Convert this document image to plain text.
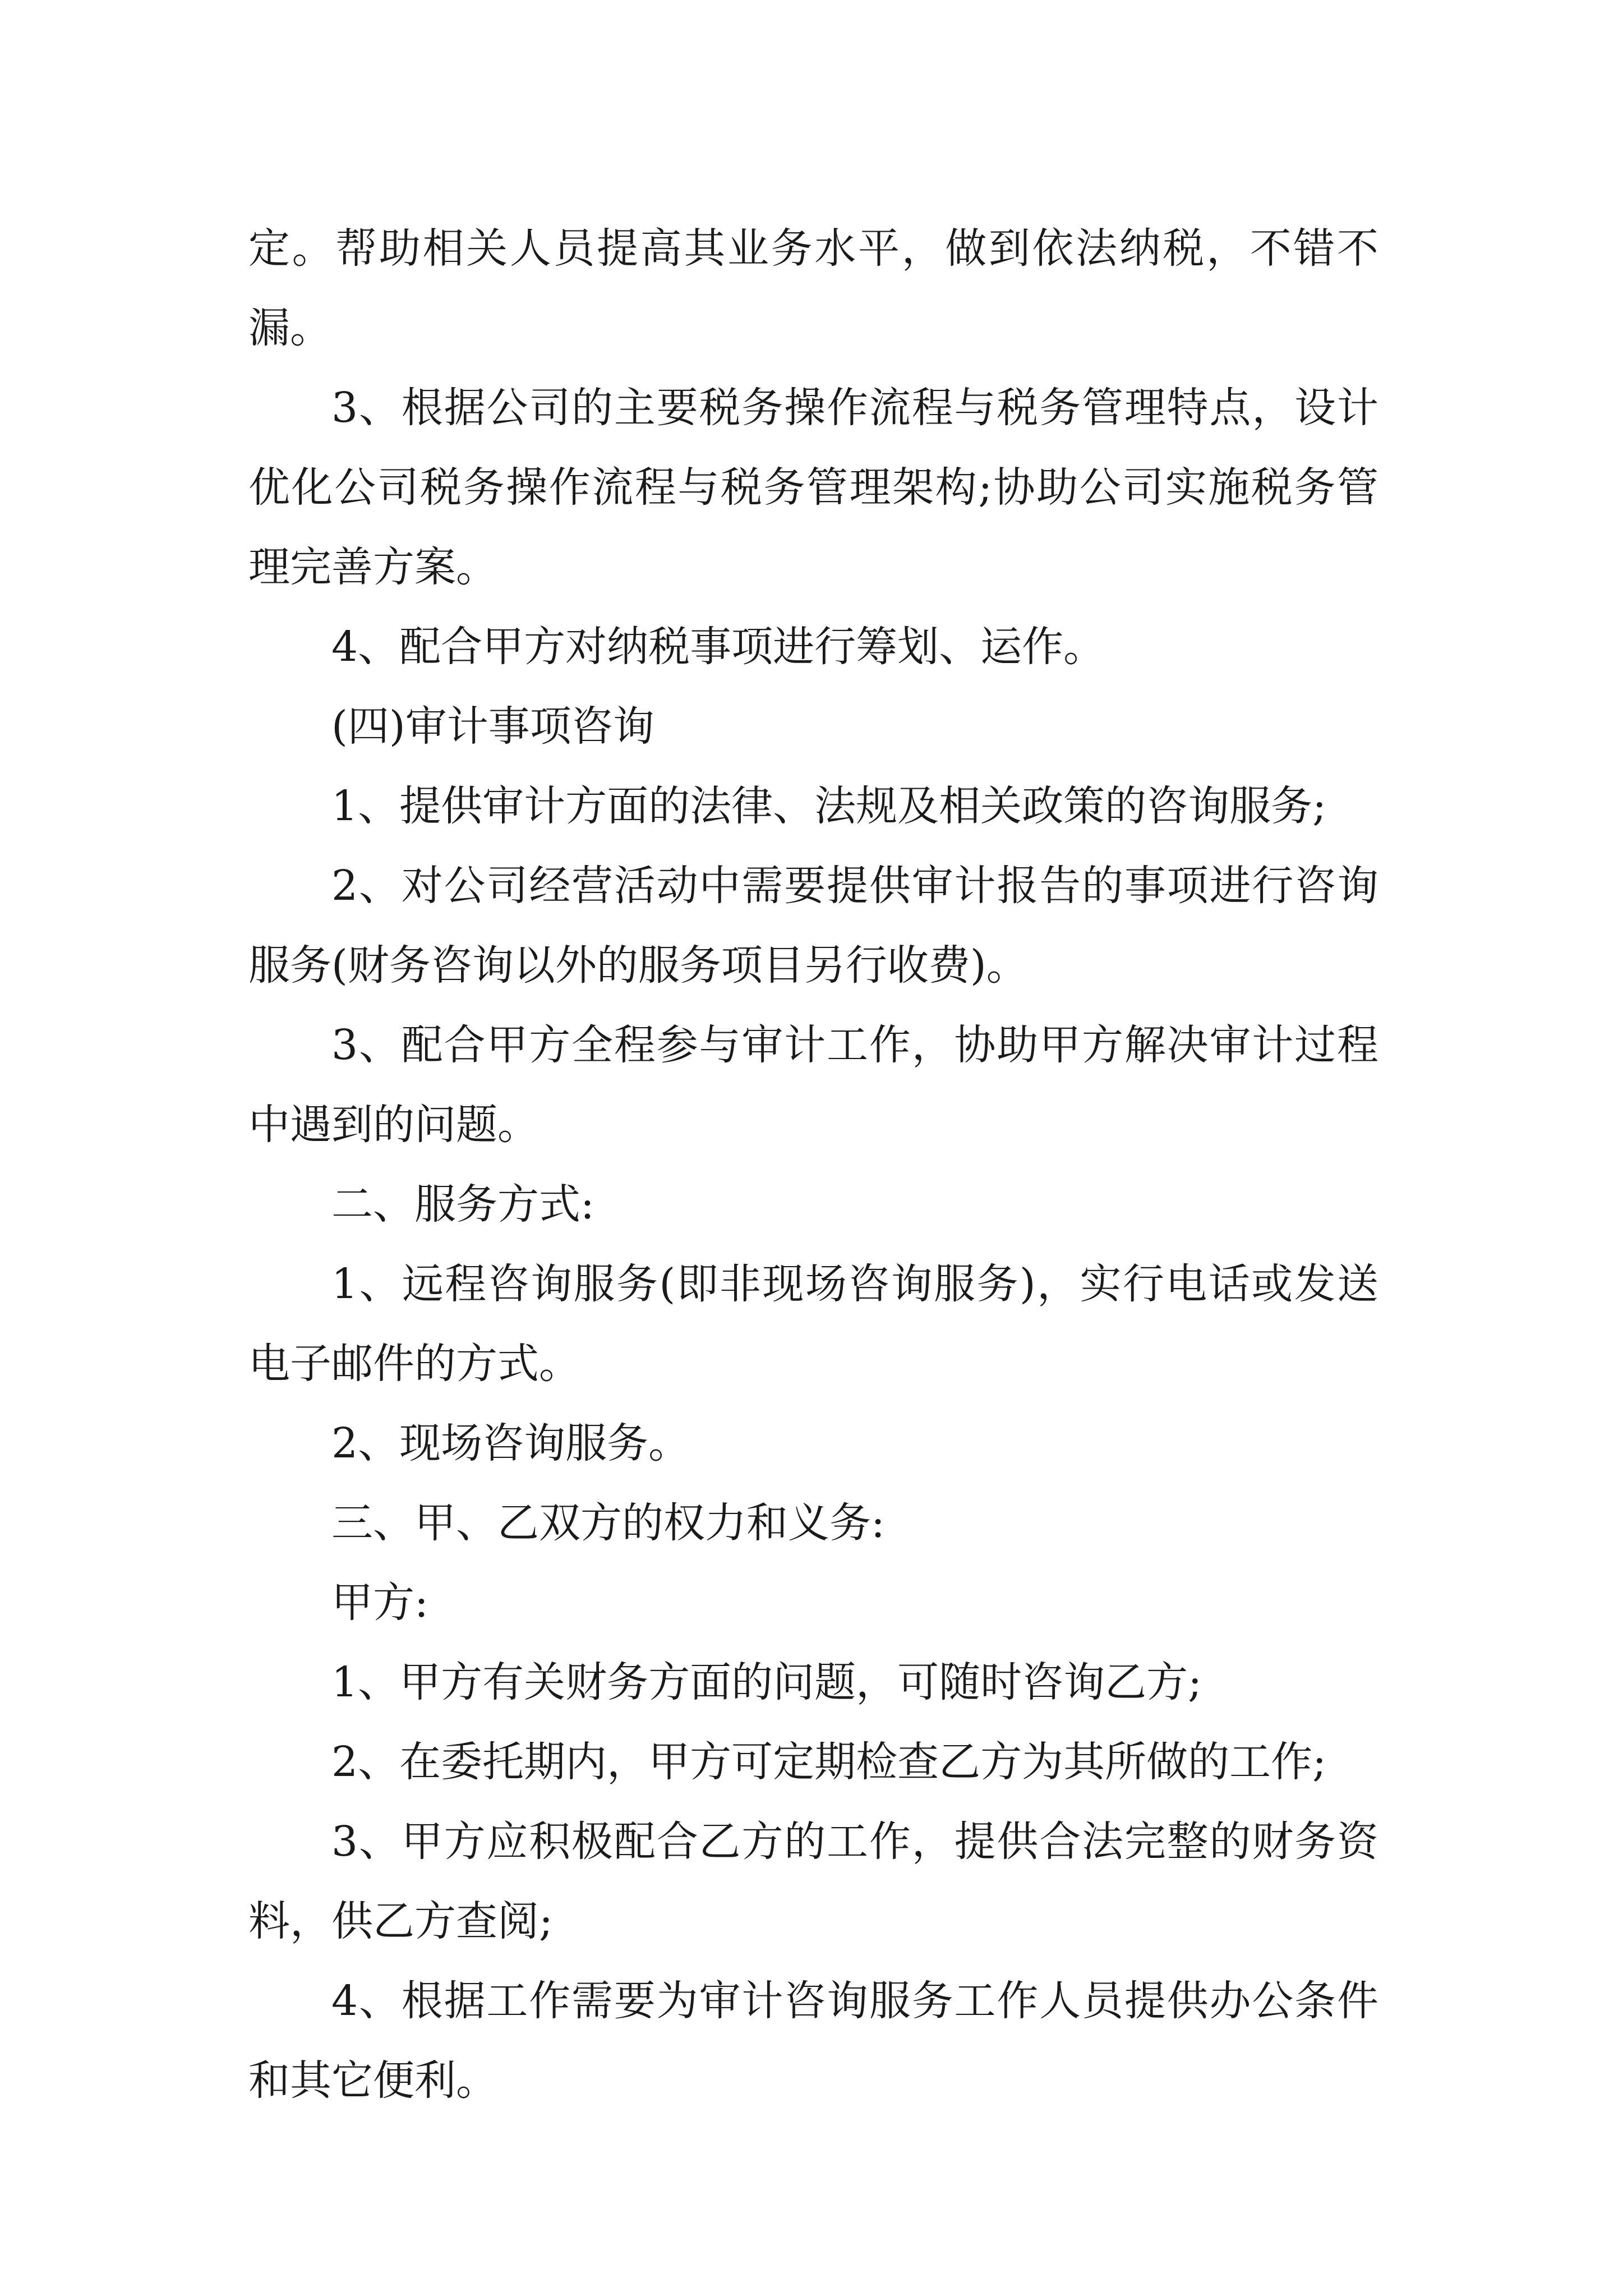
定。帮助相关人员提高其业务水平，做到依法纳税，不错不漏。

3、根据公司的主要税务操作流程与税务管理特点，设计优化公司税务操作流程与税务管理架构;协助公司实施税务管理完善方案。

4、配合甲方对纳税事项进行筹划、运作。

(四)审计事项咨询

1、提供审计方面的法律、法规及相关政策的咨询服务;

2、对公司经营活动中需要提供审计报告的事项进行咨询服务(财务咨询以外的服务项目另行收费)。

3、配合甲方全程参与审计工作，协助甲方解决审计过程中遇到的问题。

二、服务方式:

1、远程咨询服务(即非现场咨询服务)，实行电话或发送电子邮件的方式。

2、现场咨询服务。

三、甲、乙双方的权力和义务:

甲方:

1、甲方有关财务方面的问题，可随时咨询乙方;

2、在委托期内，甲方可定期检查乙方为其所做的工作;

3、甲方应积极配合乙方的工作，提供合法完整的财务资料，供乙方查阅;

4、根据工作需要为审计咨询服务工作人员提供办公条件和其它便利。
